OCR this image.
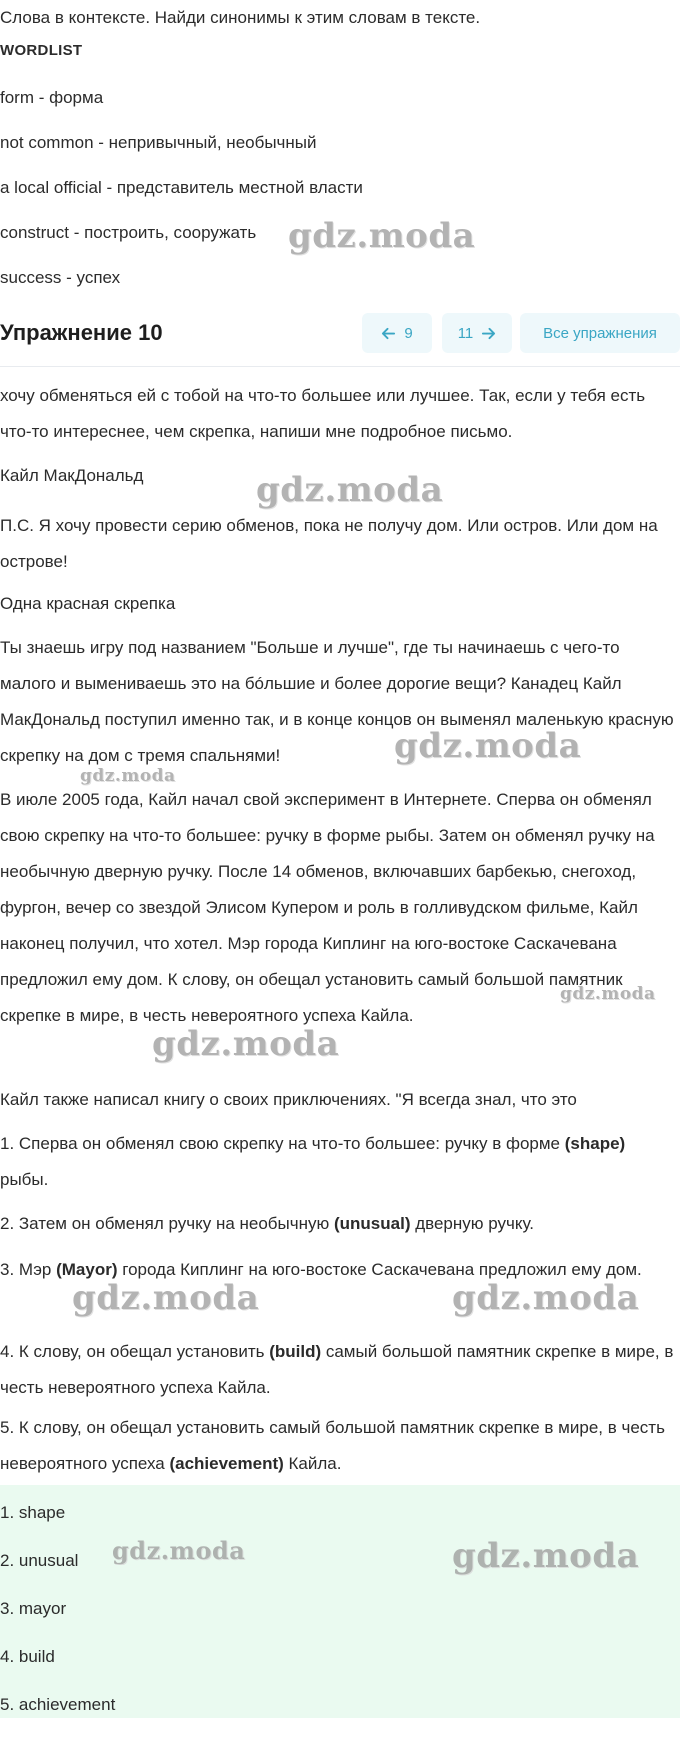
Слова в контексте. Найди синонимы к этим словам в тексте.
WORDLIST
form - форма
not common - непривычный, необычный
a local official - представитель местной власти
construct - построить, сооружать
success - успех
Упражнение 10	9	11	Все упражнения
хочу обменяться ей с тобой на что-то большее или лучшее. Так, если у тебя есть что-то интереснее, чем скрепка, напиши мне подробное письмо.
Кайл МакДональд
П.С. Я хочу провести серию обменов, пока не получу дом. Или остров. Или дом на острове!
Одна красная скрепка
Ты знаешь игру под названием "Больше и лучше", где ты начинаешь с чего-то малого и вымениваешь это на бóльшие и более дорогие вещи? Канадец Кайл МакДональд поступил именно так, и в конце концов он выменял маленькую красную скрепку на дом с тремя спальнями!
В июле 2005 года, Кайл начал свой эксперимент в Интернете. Сперва он обменял свою скрепку на что-то большее: ручку в форме рыбы. Затем он обменял ручку на необычную дверную ручку. После 14 обменов, включавших барбекью, снегоход, фургон, вечер со звездой Элисом Купером и роль в голливудском фильме, Кайл наконец получил, что хотел. Мэр города Киплинг на юго-востоке Саскачевана предложил ему дом. К слову, он обещал установить самый большой памятник скрепке в мире, в честь невероятного успеха Кайла.
Кайл также написал книгу о своих приключениях. "Я всегда знал, что это
1. Сперва он обменял свою скрепку на что-то большее: ручку в форме (shape) рыбы.
2. Затем он обменял ручку на необычную (unusual) дверную ручку.
3. Мэр (Mayor) города Киплинг на юго-востоке Саскачевана предложил ему дом.
4. К слову, он обещал установить (build) самый большой памятник скрепке в мире, в честь невероятного успеха Кайла.
5. К слову, он обещал установить самый большой памятник скрепке в мире, в честь невероятного успеха (achievement) Кайла.
1. shape
2. unusual
3. mayor
4. build
5. achievement
gdz.moda
gdz.moda
gdz.moda
gdz.moda
gdz.moda
gdz.moda
gdz.moda	gdz.moda
gdz.moda	gdz.moda
